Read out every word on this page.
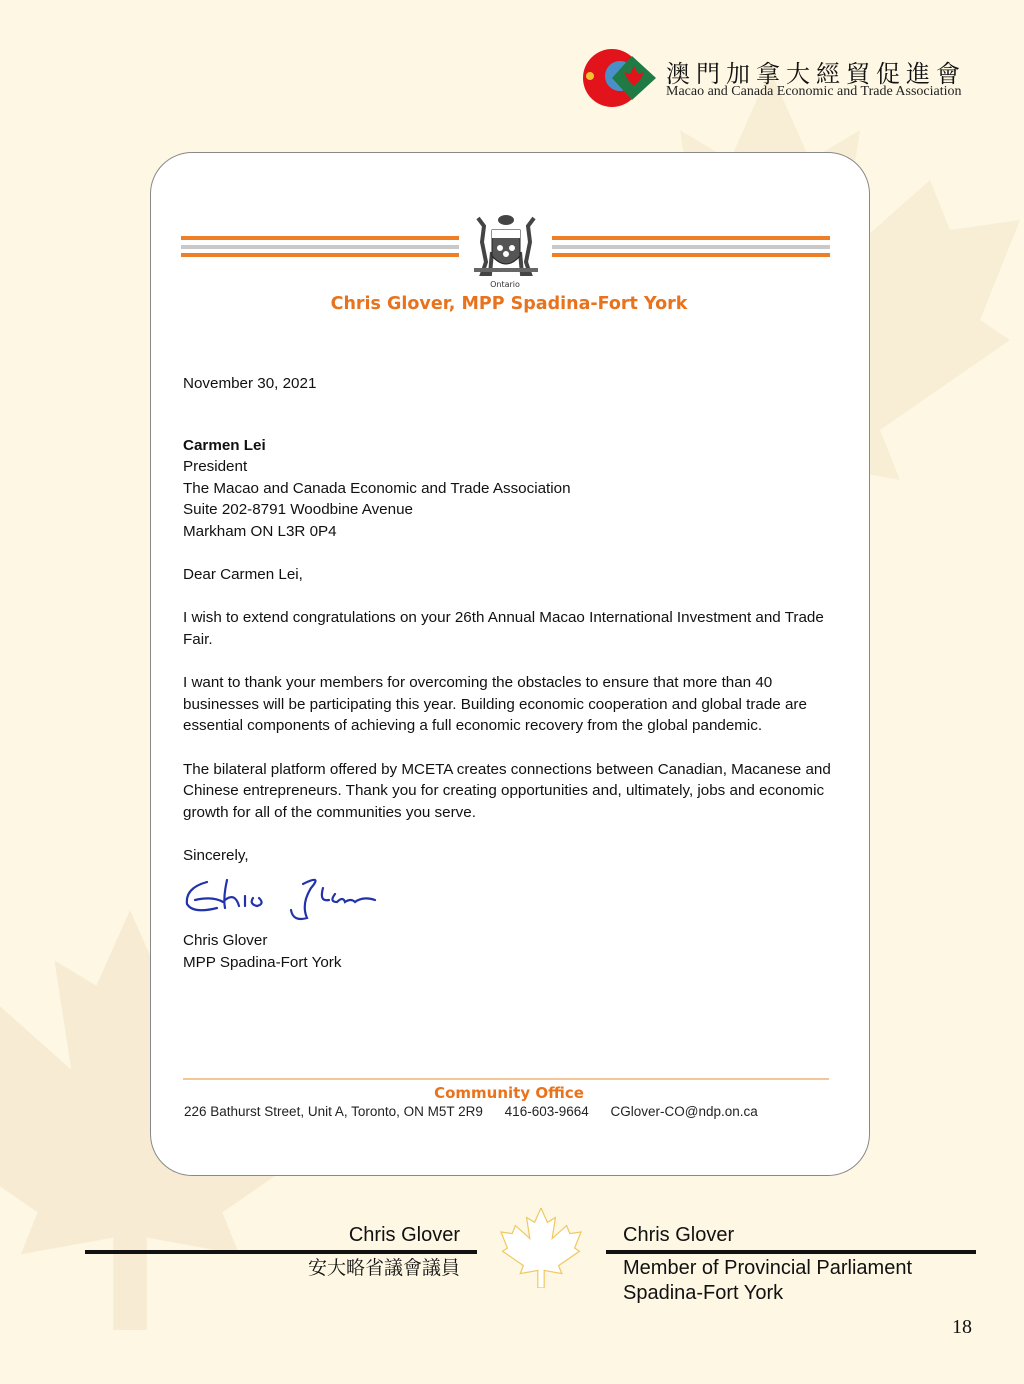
澳門加拿大經貿促進會
Macao and Canada Economic and Trade Association
Ontario
Chris Glover, MPP Spadina-Fort York
November 30, 2021

Carmen Lei

President

The Macao and Canada Economic and Trade Association

Suite 202-8791 Woodbine Avenue

Markham ON L3R 0P4

Dear Carmen Lei,

I wish to extend congratulations on your 26th Annual Macao International Investment and Trade Fair.

I want to thank your members for overcoming the obstacles to ensure that more than 40 businesses will be participating this year. Building economic cooperation and global trade are essential components of achieving a full economic recovery from the global pandemic.

The bilateral platform offered by MCETA creates connections between Canadian, Macanese and Chinese entrepreneurs. Thank you for creating opportunities and, ultimately, jobs and economic growth for all of the communities you serve.

Sincerely,

Chris Glover

MPP Spadina-Fort York

Community Office
226 Bathurst Street, Unit A, Toronto, ON M5T 2R9 416-603-9664 CGlover-CO@ndp.on.ca
Chris Glover
安大略省議會議員
Chris Glover
Member of Provincial Parliament
Spadina-Fort York
18
